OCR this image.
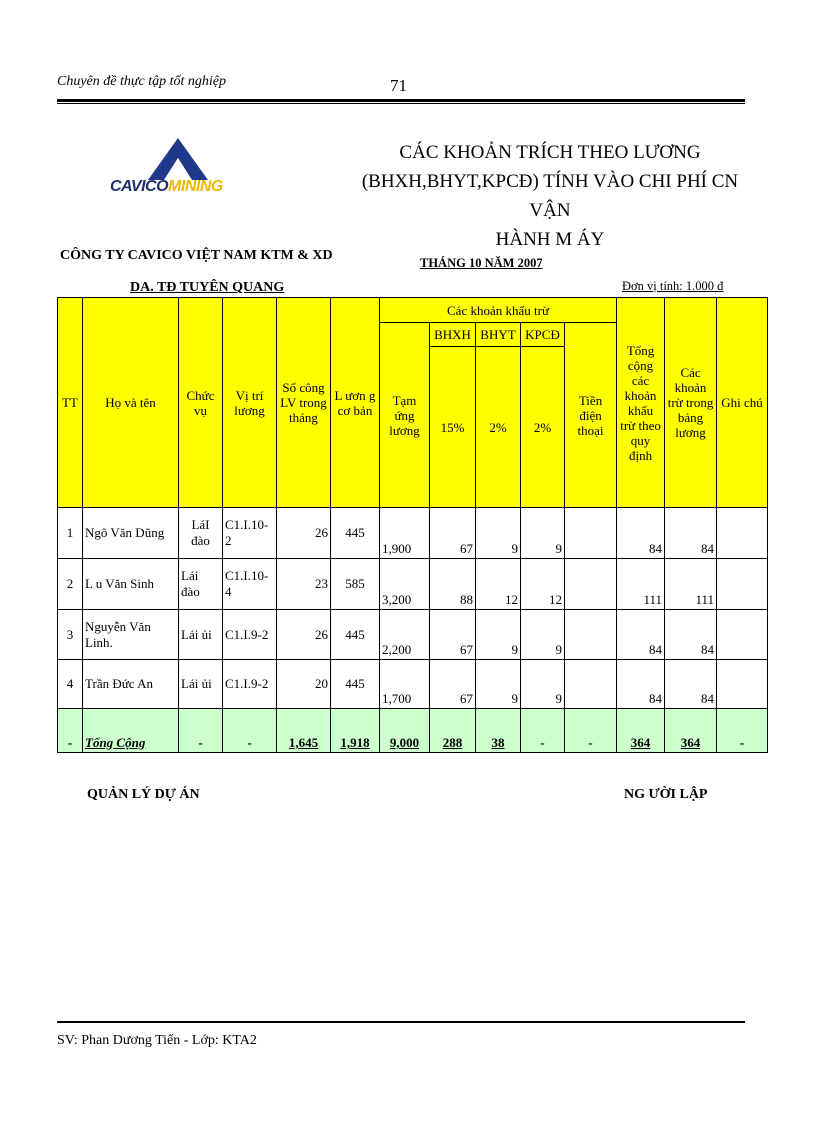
Chuyên đề thực tập tốt nghiệp	71
CAVICOMINING
CÁC KHOẢN TRÍCH THEO LƯƠNG
(BHXH,BHYT,KPCĐ) TÍNH VÀO CHI PHÍ CN VẬN
HÀNH M ÁY
CÔNG TY CAVICO VIỆT NAM KTM & XD	THÁNG 10 NĂM 2007
DA. TĐ TUYÊN QUANG	Đơn vị tính: 1.000 đ
TT	Họ và tên	Chức vụ	Vị trí lương	Số công LV trong tháng	L ươn g cơ bản	Các khoản khấu trừ					Tổng cộng các khoản khấu trừ theo quy định	Các khoản trừ trong bảng lương	Ghi chú
						Tạm ứng lương	BHXH	BHYT	KPCĐ	Tiền điện thoại			
							15%	2%	2%				
1	Ngô Văn Dũng	LáI đào	C1.I.10-2	26	445	1,900	67	9	9		84	84	
2	L u Văn Sinh	Lái đào	C1.I.10-4	23	585	3,200	88	12	12		111	111	
3	Nguyễn Văn Linh.	Lái ủi	C1.I.9-2	26	445	2,200	67	9	9		84	84	
4	Trần Đức An	Lái ủi	C1.I.9-2	20	445	1,700	67	9	9		84	84	
-	Tổng Cộng	-	-	1,645	1,918	9,000	288	38	-	-	364	364	-
QUẢN LÝ DỰ ÁN	NG ƯỜI LẬP
SV: Phan Dương Tiến - Lớp: KTA2
